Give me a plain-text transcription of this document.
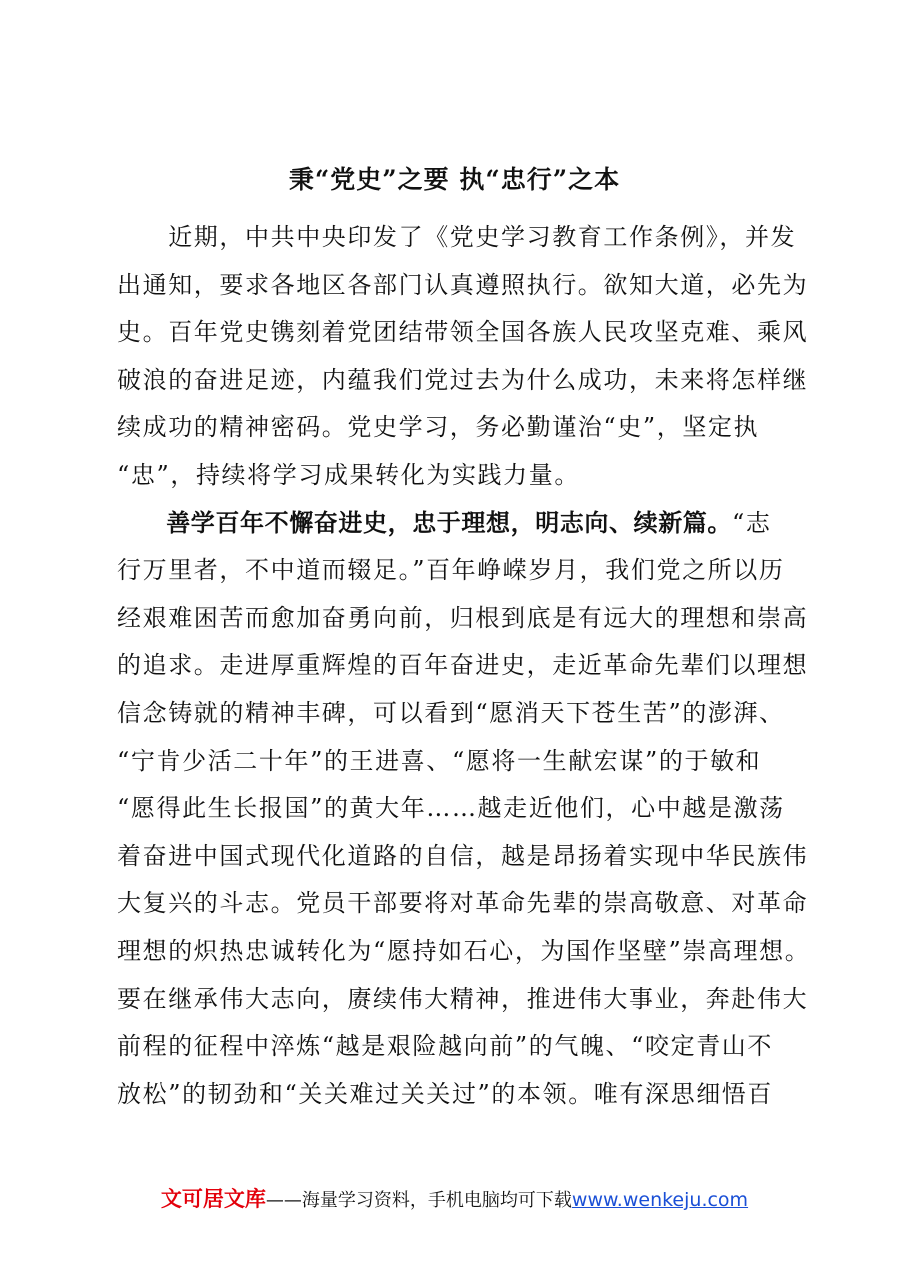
秉“党史”之要 执“忠行”之本
　　近期，中共中央印发了《党史学习教育工作条例》，并发
出通知，要求各地区各部门认真遵照执行。欲知大道，必先为
史。百年党史镌刻着党团结带领全国各族人民攻坚克难、乘风
破浪的奋进足迹，内蕴我们党过去为什么成功，未来将怎样继
续成功的精神密码。党史学习，务必勤谨治“史”，坚定执
“忠”，持续将学习成果转化为实践力量。
　　善学百年不懈奋进史，忠于理想，明志向、续新篇。“志
行万里者，不中道而辍足。”百年峥嵘岁月，我们党之所以历
经艰难困苦而愈加奋勇向前，归根到底是有远大的理想和崇高
的追求。走进厚重辉煌的百年奋进史，走近革命先辈们以理想
信念铸就的精神丰碑，可以看到“愿消天下苍生苦”的澎湃、
“宁肯少活二十年”的王进喜、“愿将一生献宏谋”的于敏和
“愿得此生长报国”的黄大年……越走近他们，心中越是激荡
着奋进中国式现代化道路的自信，越是昂扬着实现中华民族伟
大复兴的斗志。党员干部要将对革命先辈的崇高敬意、对革命
理想的炽热忠诚转化为“愿持如石心，为国作坚壁”崇高理想。
要在继承伟大志向，赓续伟大精神，推进伟大事业，奔赴伟大
前程的征程中淬炼“越是艰险越向前”的气魄、“咬定青山不
放松”的韧劲和“关关难过关关过”的本领。唯有深思细悟百
文可居文库——海量学习资料，手机电脑均可下载www.wenkeju.com
